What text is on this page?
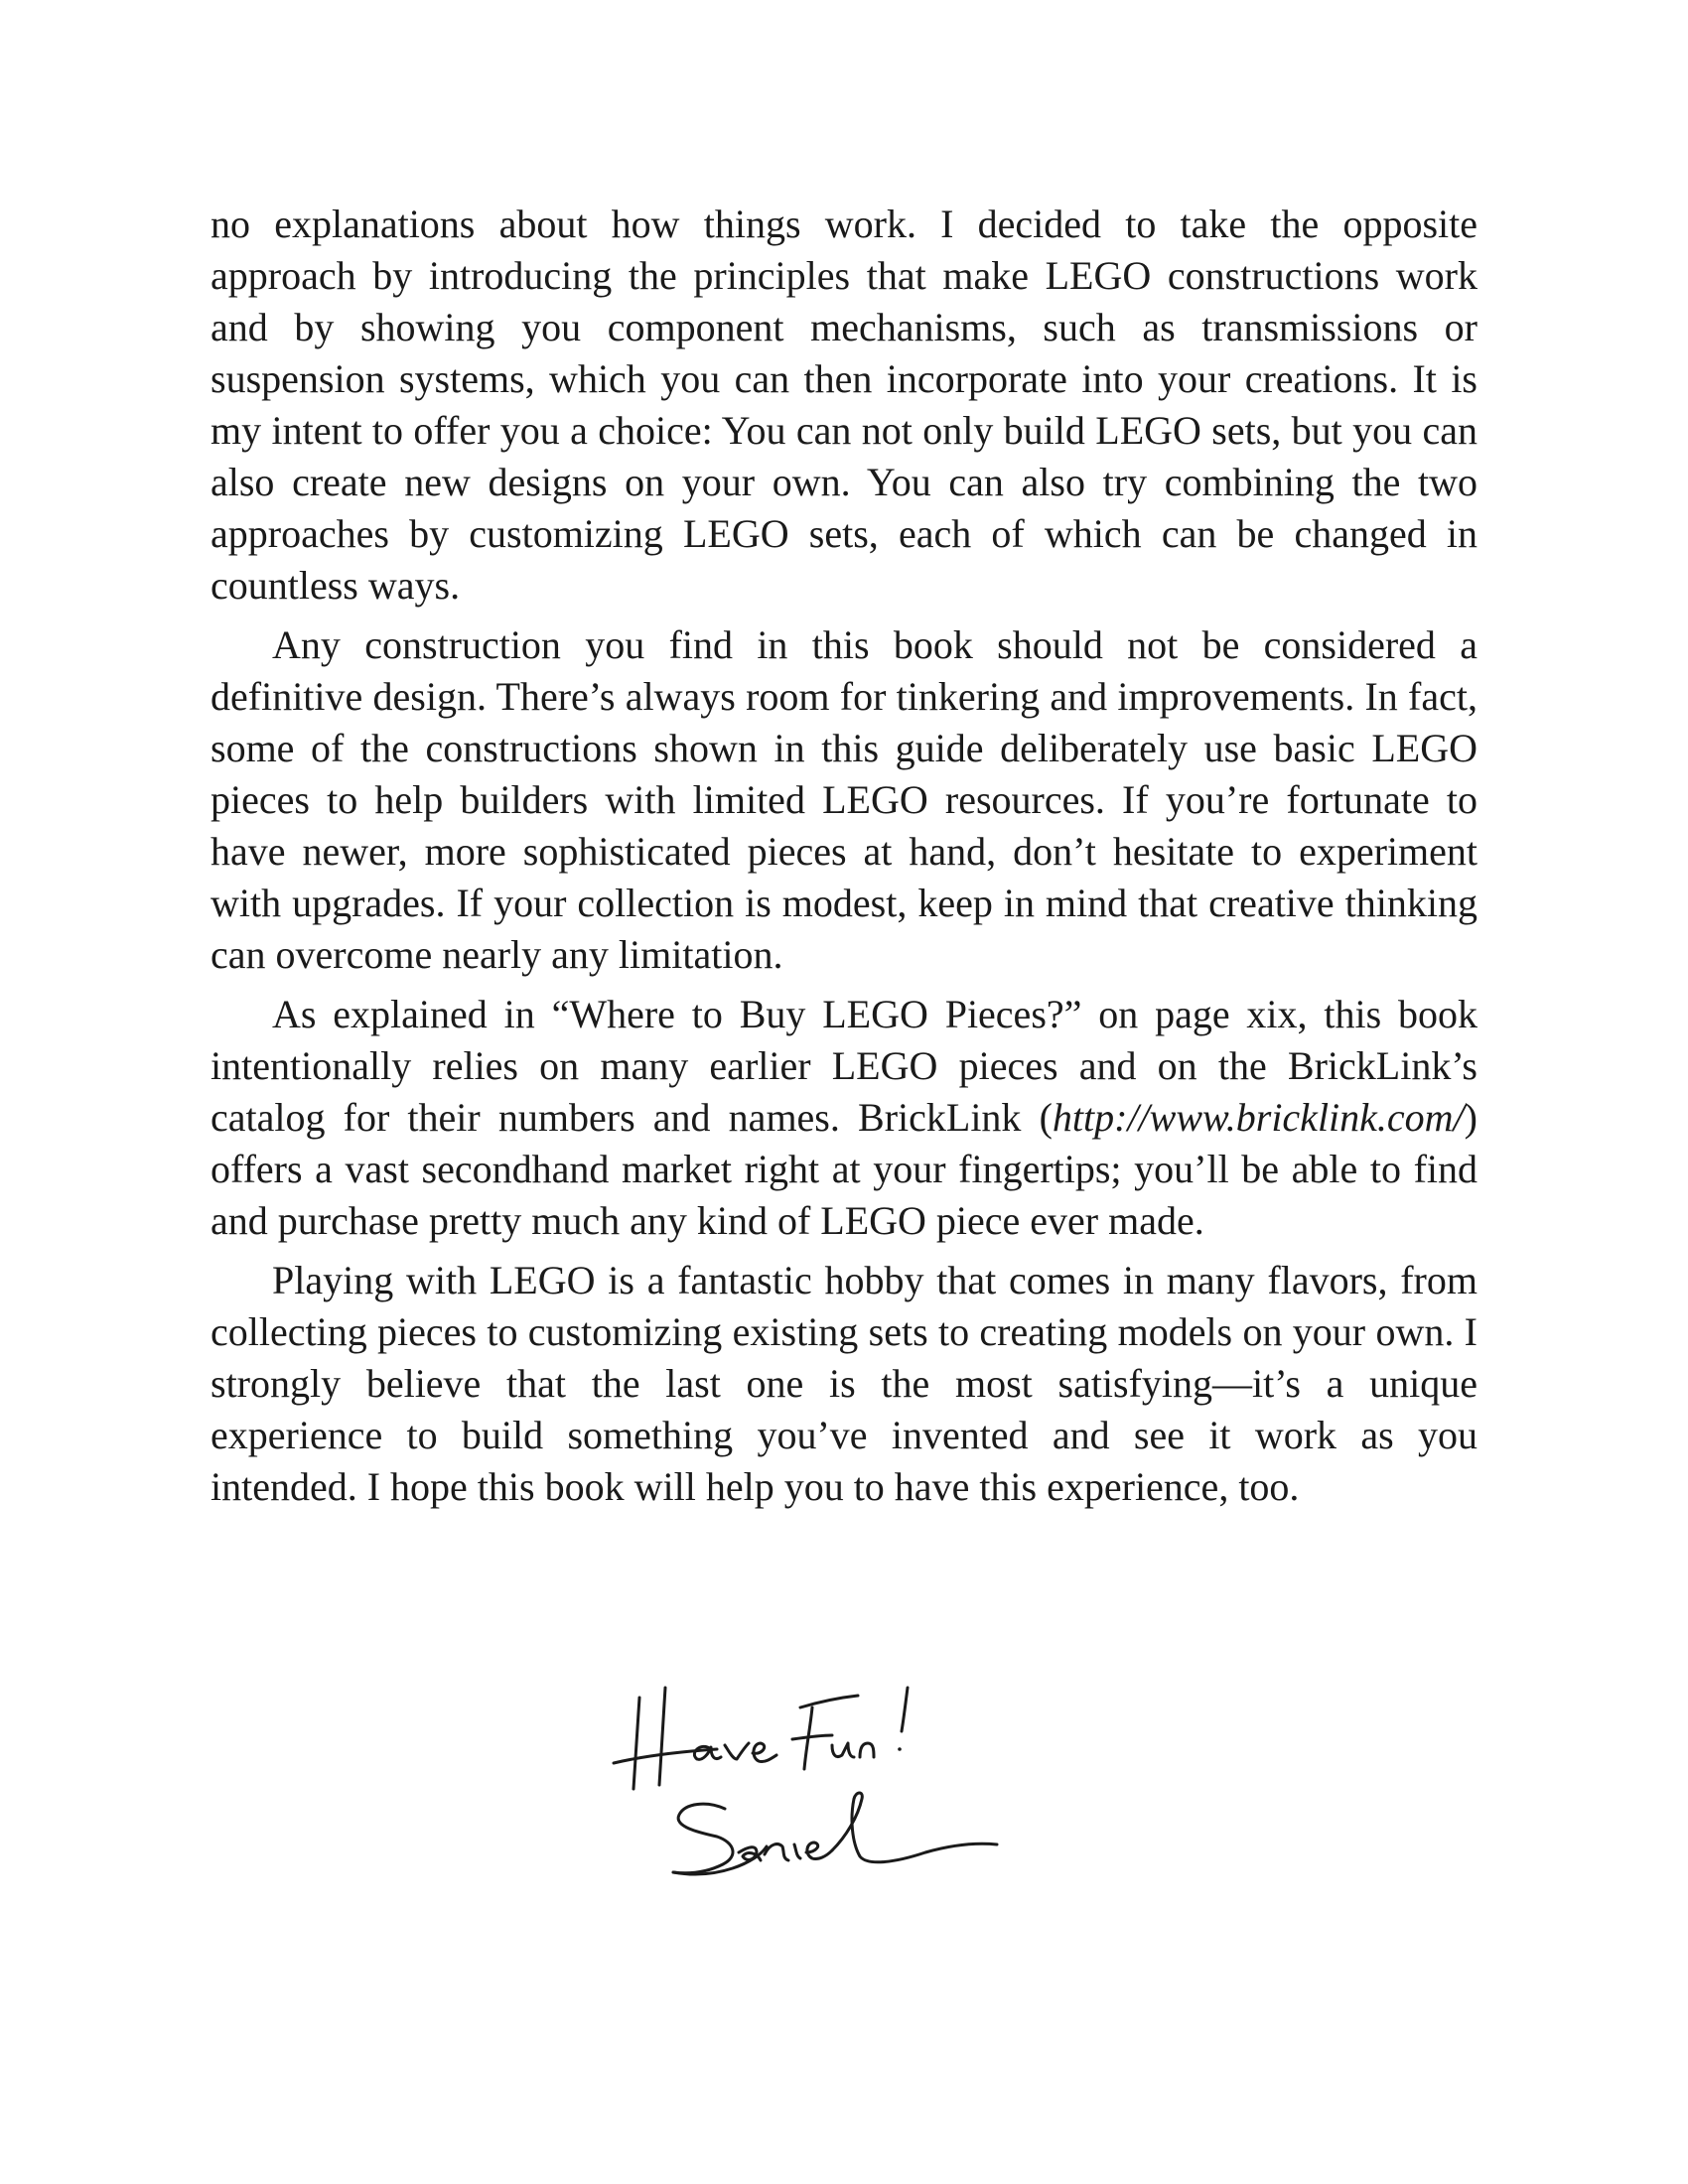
no explanations about how things work. I decided to take the opposite approach by introducing the principles that make LEGO constructions work and by showing you component mechanisms, such as transmissions or suspension systems, which you can then incorporate into your creations. It is my intent to offer you a choice: You can not only build LEGO sets, but you can also create new designs on your own. You can also try combining the two approaches by customizing LEGO sets, each of which can be changed in countless ways.

Any construction you find in this book should not be considered a definitive design. There’s always room for tinkering and improvements. In fact, some of the constructions shown in this guide deliberately use basic LEGO pieces to help builders with limited LEGO resources. If you’re fortunate to have newer, more sophisticated pieces at hand, don’t hesitate to experiment with upgrades. If your collection is modest, keep in mind that creative thinking can overcome nearly any limitation.

As explained in “Where to Buy LEGO Pieces?” on page xix, this book intentionally relies on many earlier LEGO pieces and on the BrickLink’s catalog for their numbers and names. BrickLink (http://www.bricklink.com/) offers a vast secondhand market right at your fingertips; you’ll be able to find and purchase pretty much any kind of LEGO piece ever made.

Playing with LEGO is a fantastic hobby that comes in many flavors, from collecting pieces to customizing existing sets to creating models on your own. I strongly believe that the last one is the most satisfying—it’s a unique experience to build something you’ve invented and see it work as you intended. I hope this book will help you to have this experience, too.
